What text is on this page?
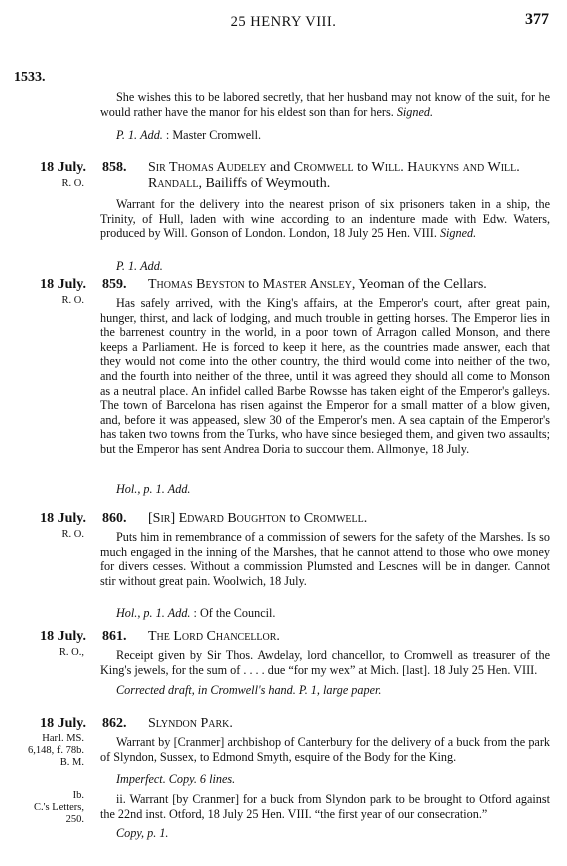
25 HENRY VIII.	377
1533.
She wishes this to be labored secretly, that her husband may not know of the suit, for he would rather have the manor for his eldest son than for hers. Signed.
P. 1. Add. : Master Cromwell.
18 July.
R. O.
858. Sir Thomas Audeley and Cromwell to Will. Haukyns and Will. Randall, Bailiffs of Weymouth.
Warrant for the delivery into the nearest prison of six prisoners taken in a ship, the Trinity, of Hull, laden with wine according to an indenture made with Edw. Waters, produced by Will. Gonson of London. London, 18 July 25 Hen. VIII. Signed.
P. 1. Add.
18 July.
R. O.
859. Thomas Beyston to Master Ansley, Yeoman of the Cellars.
Has safely arrived, with the King's affairs, at the Emperor's court, after great pain, hunger, thirst, and lack of lodging, and much trouble in getting horses. The Emperor lies in the barrenest country in the world, in a poor town of Arragon called Monson, and there keeps a Parliament. He is forced to keep it here, as the countries made answer, each that they would not come into the other country, the third would come into neither of the two, and the fourth into neither of the three, until it was agreed they should all come to Monson as a neutral place. An infidel called Barbe Rowsse has taken eight of the Emperor's galleys. The town of Barcelona has risen against the Emperor for a small matter of a blow given, and, before it was appeased, slew 30 of the Emperor's men. A sea captain of the Emperor's has taken two towns from the Turks, who have since besieged them, and given two assaults; but the Emperor has sent Andrea Doria to succour them. Allmonye, 18 July.
Hol., p. 1. Add.
18 July.
R. O.
860. [Sir] Edward Boughton to Cromwell.
Puts him in remembrance of a commission of sewers for the safety of the Marshes. Is so much engaged in the inning of the Marshes, that he cannot attend to those who owe money for divers cesses. Without a commission Plumsted and Lescnes will be in danger. Cannot stir without great pain. Woolwich, 18 July.
Hol., p. 1. Add. : Of the Council.
18 July.
R. O.,
861. The Lord Chancellor.
Receipt given by Sir Thos. Awdelay, lord chancellor, to Cromwell as treasurer of the King's jewels, for the sum of . . . . due “for my wex” at Mich. [last]. 18 July 25 Hen. VIII.
Corrected draft, in Cromwell's hand. P. 1, large paper.
18 July.
Harl. MS.
6,148, f. 78b.
B. M.
862. Slyndon Park.
Warrant by [Cranmer] archbishop of Canterbury for the delivery of a buck from the park of Slyndon, Sussex, to Edmond Smyth, esquire of the Body for the King.
Imperfect. Copy. 6 lines.
Ib.
C.'s Letters,
250.
ii. Warrant [by Cranmer] for a buck from Slyndon park to be brought to Otford against the 22nd inst. Otford, 18 July 25 Hen. VIII. “the first year of our consecration.”
Copy, p. 1.
